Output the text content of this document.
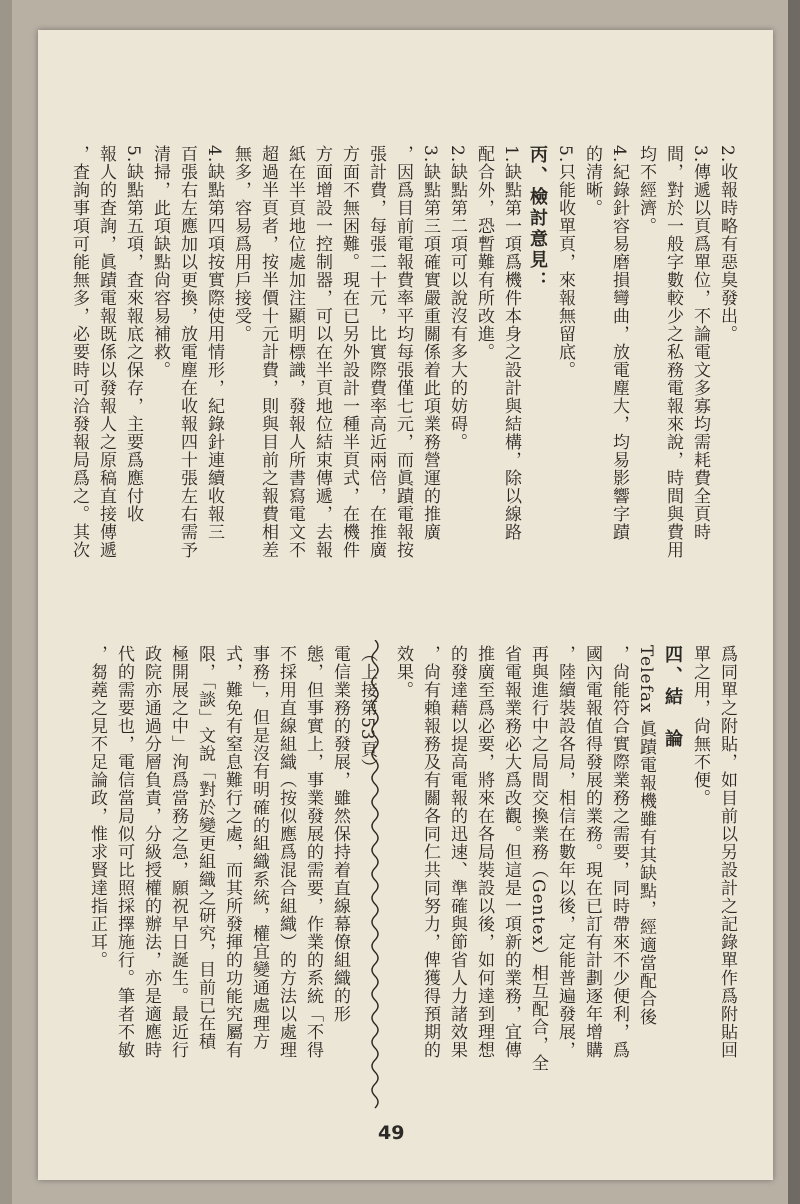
2.收報時略有惡臭發出。
3.傳遞以頁爲單位，不論電文多寡均需耗費全頁時
間，對於一般字數較少之私務電報來說，時間與費用
均不經濟。
4.紀錄針容易磨損彎曲，放電塵大，均易影響字蹟
的清晰。
5.只能收單頁，來報無留底。
丙、檢討意見：
1.缺點第一項爲機件本身之設計與結構，除以線路
配合外，恐暫難有所改進。
2.缺點第二項可以說沒有多大的妨碍。
3.缺點第三項確實嚴重關係着此項業務營運的推廣
，因爲目前電報費率平均每張僅七元，而眞蹟電報按
張計費，每張二十元，比實際費率高近兩倍，在推廣
方面不無困難。現在已另外設計一種半頁式，在機件
方面增設一控制器，可以在半頁地位結束傳遞，去報
紙在半頁地位處加注顯明標識，發報人所書寫電文不
超過半頁者，按半價十元計費，則與目前之報費相差
無多，容易爲用戶接受。
4.缺點第四項按實際使用情形，紀錄針連續收報三
百張右左應加以更換，放電塵在收報四十張左右需予
清掃，此項缺點尙容易補救。
5.缺點第五項，査來報底之保存，主要爲應付收
報人的査詢，眞蹟電報既係以發報人之原稿直接傳遞
，査詢事項可能無多，必要時可洽發報局爲之。其次
爲同單之附貼，如目前以另設計之記錄單作爲附貼回
單之用，尙無不便。
四、結　論
Telefax 眞蹟電報機雖有其缺點，經適當配合後
，尙能符合實際業務之需要，同時帶來不少便利，爲
國內電報值得發展的業務。現在已訂有計劃逐年增購
，陸續裝設各局，相信在數年以後，定能普遍發展，
再與進行中之局間交換業務（Gentex）相互配合，全
省電報業務必大爲改觀。但這是一項新的業務，宜傳
推廣至爲必要，將來在各局裝設以後，如何達到理想
的發達藉以提高電報的迅速、準確與節省人力諸效果
，尙有賴報務及有關各同仁共同努力，俾獲得預期的
效果。
（上接第53頁）
電信業務的發展，雖然保持着直線幕僚組織的形
態，但事實上，事業發展的需要，作業的系統「不得
不採用直線組織（按似應爲混合組織）的方法以處理
事務」，但是沒有明確的組織系統，權宜變通處理方
式，難免有窒息難行之處，而其所發揮的功能究屬有
限，「談」文說「對於變更組織之硏究，目前已在積
極開展之中」洵爲當務之急，願祝早日誕生。最近行
政院亦通過分層負責，分級授權的辦法，亦是適應時
代的需要也，電信當局似可比照採擇施行。筆者不敏
，芻蕘之見不足論政，惟求賢達指正耳。
49
